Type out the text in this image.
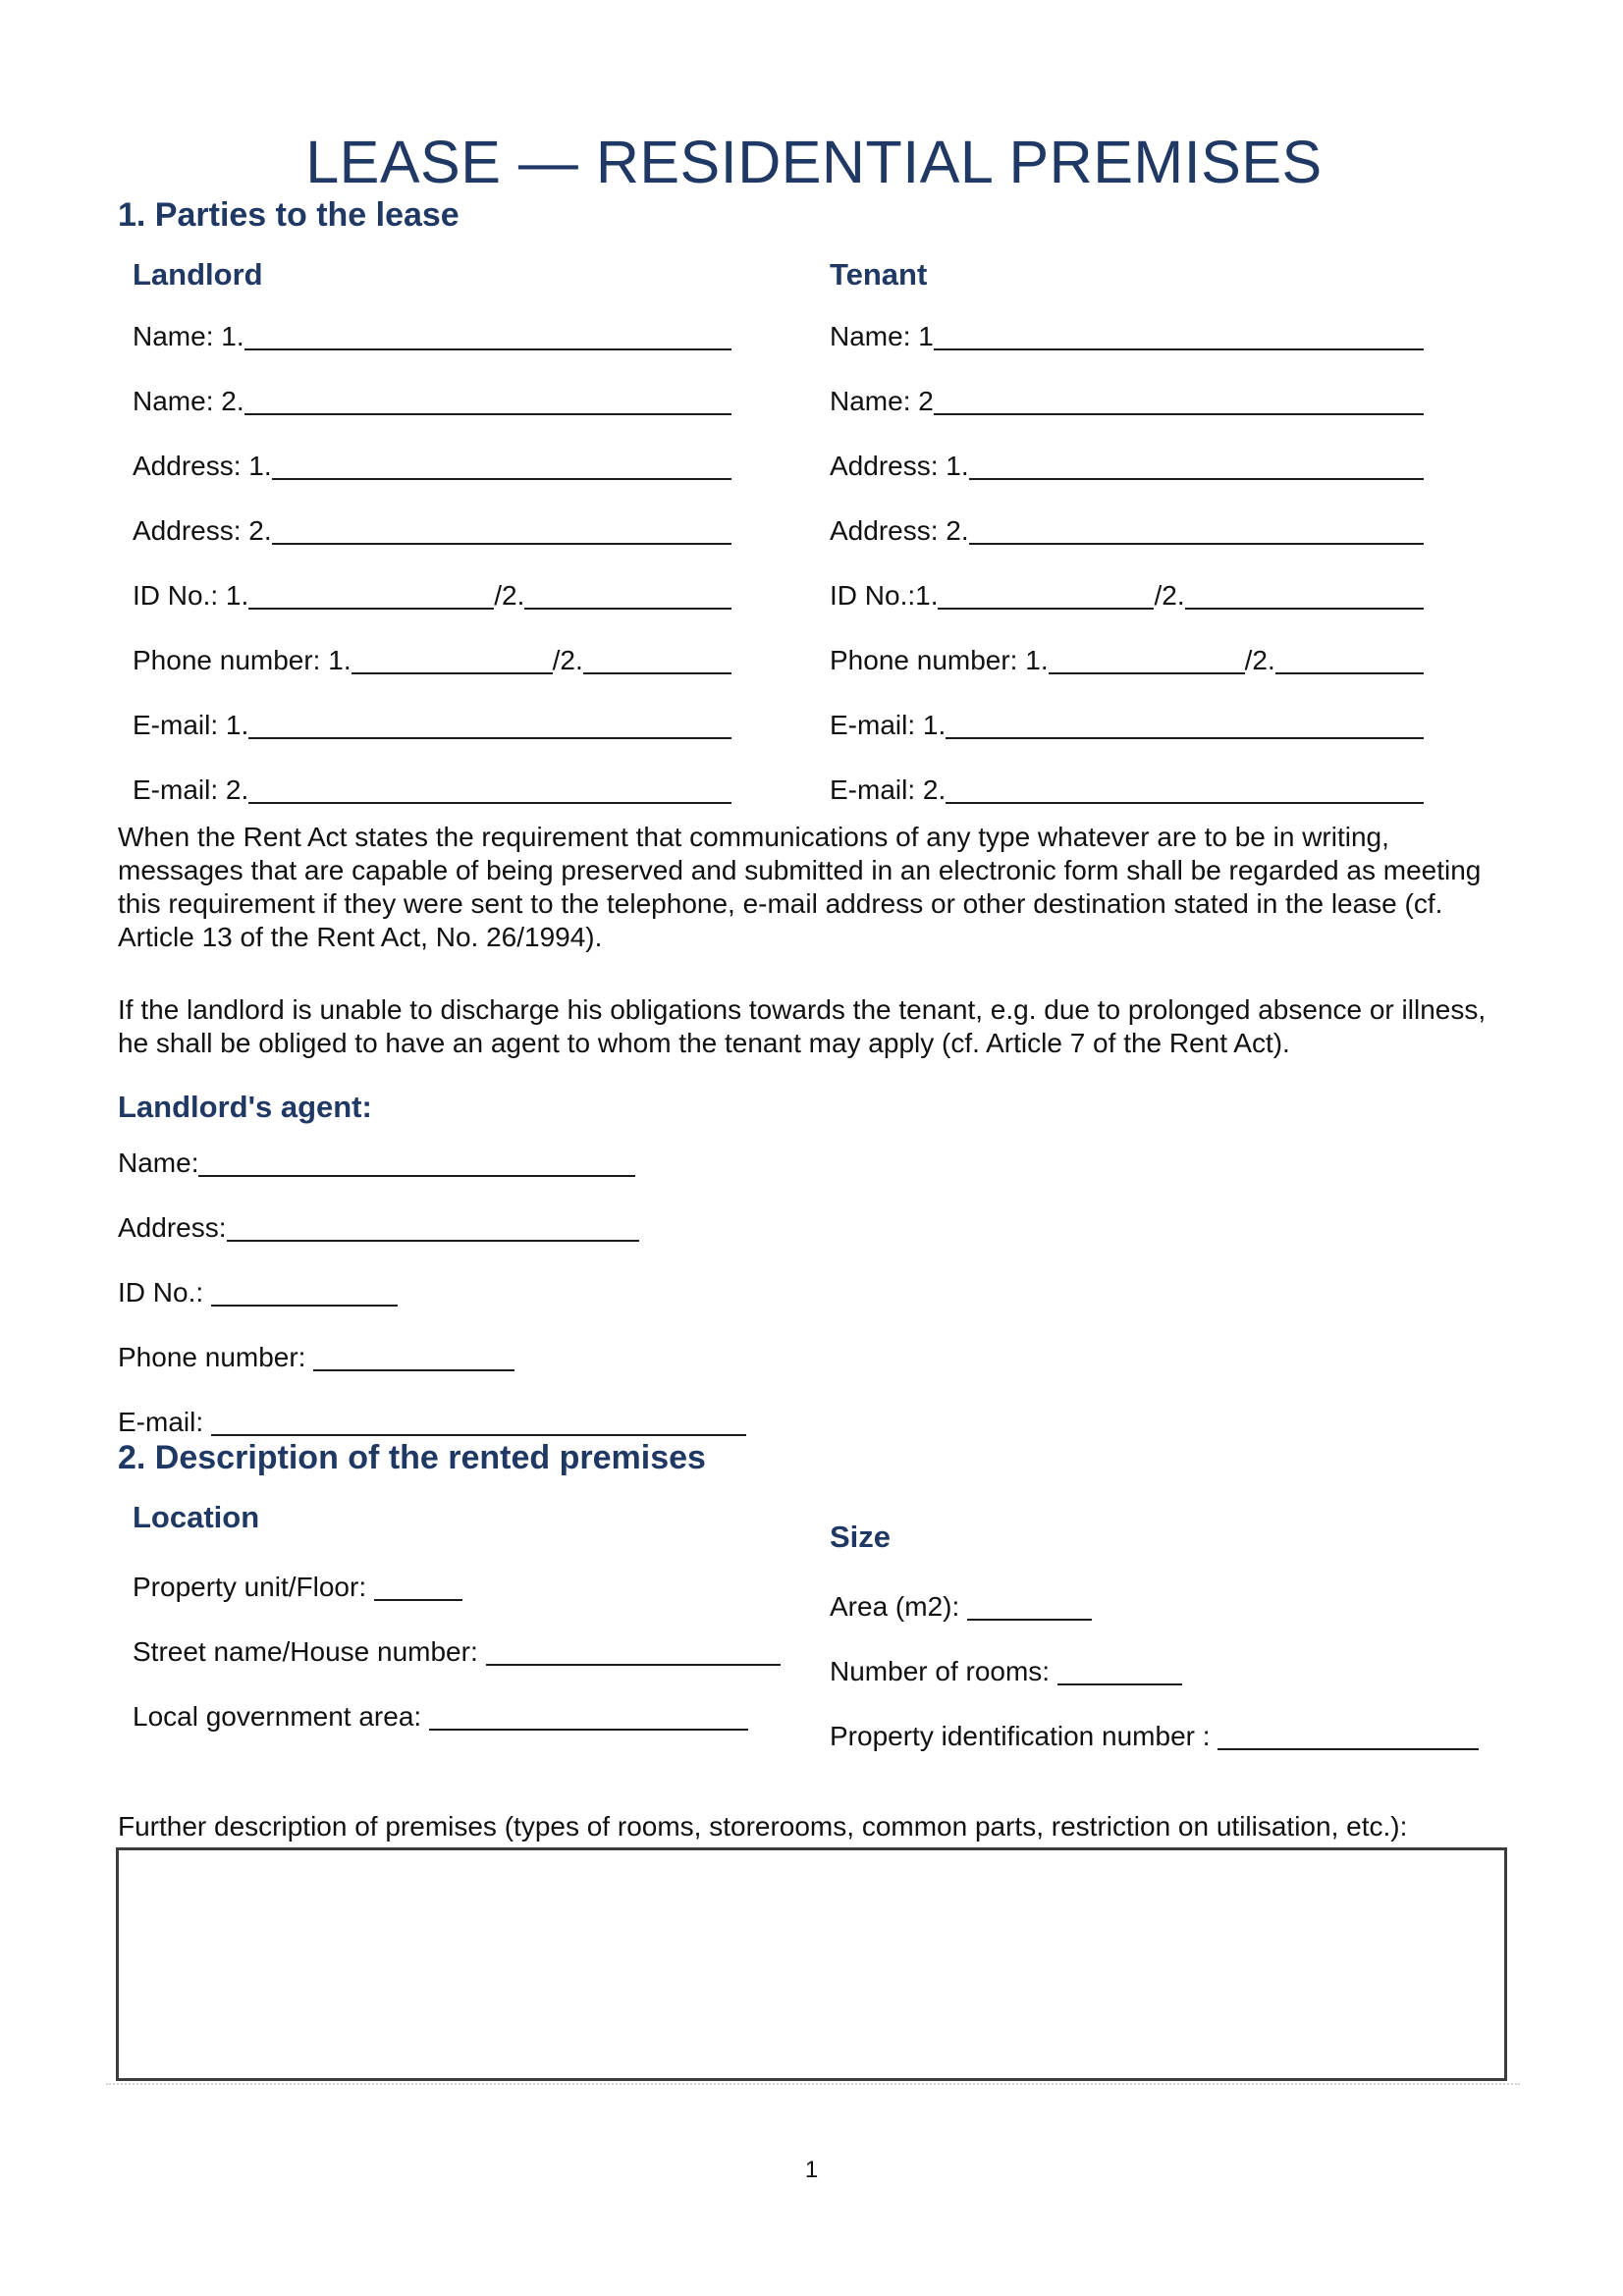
LEASE — RESIDENTIAL PREMISES
1. Parties to the lease
Landlord
Name: 1.
Name: 2.
Address: 1.
Address: 2.
ID No.: 1.	/2.
Phone number: 1.	/2.
E-mail: 1.
E-mail: 2.
Tenant
Name: 1
Name: 2
Address: 1.
Address: 2.
ID No.:1.	/2.
Phone number: 1.	/2.
E-mail: 1.
E-mail: 2.

When the Rent Act states the requirement that communications of any type whatever are to be in writing, messages that are capable of being preserved and submitted in an electronic form shall be regarded as meeting this requirement if they were sent to the telephone, e-mail address or other destination stated in the lease (cf. Article 13 of the Rent Act, No. 26/1994).

If the landlord is unable to discharge his obligations towards the tenant, e.g. due to prolonged absence or illness, he shall be obliged to have an agent to whom the tenant may apply (cf. Article 7 of the Rent Act).

Landlord's agent:
Name:
Address:
ID No.:
Phone number:
E-mail:
2. Description of the rented premises
Location
Property unit/Floor:
Street name/House number:
Local government area:
Size
Area (m2):
Number of rooms:
Property identification number :

Further description of premises (types of rooms, storerooms, common parts, restriction on utilisation, etc.):

1
